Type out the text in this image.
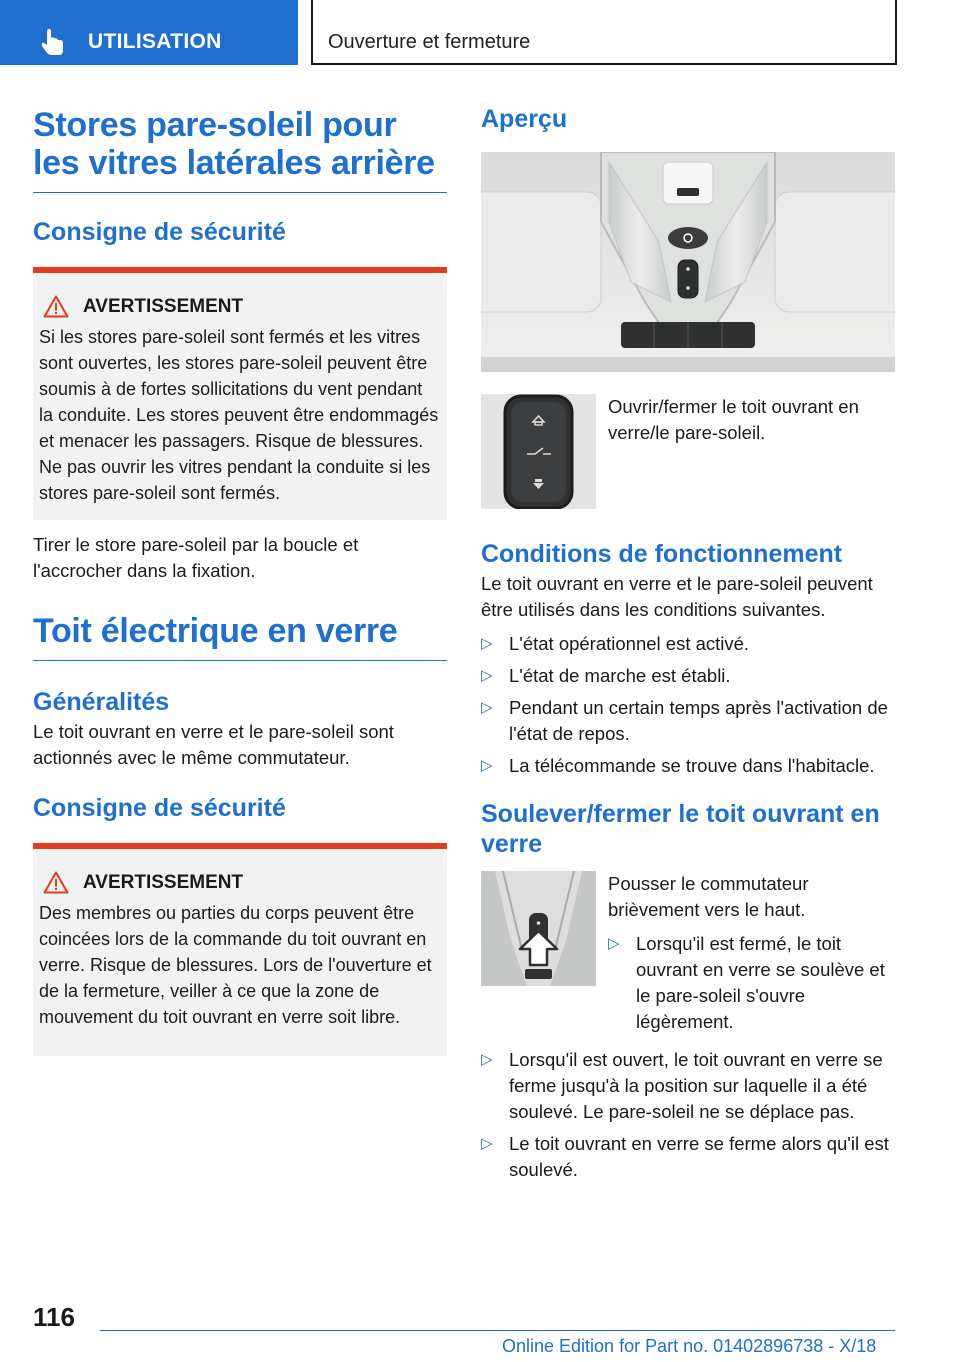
UTILISATION	Ouverture et fermeture
Stores pare-soleil pour les vitres latérales arrière
Consigne de sécurité
AVERTISSEMENT

Si les stores pare-soleil sont fermés et les vitres sont ouvertes, les stores pare-soleil peuvent être soumis à de fortes sollicitations du vent pendant la conduite. Les stores peuvent être endommagés et menacer les passagers. Risque de blessures. Ne pas ouvrir les vitres pendant la conduite si les stores pare-soleil sont fermés.

Tirer le store pare-soleil par la boucle et l'accrocher dans la fixation.

Toit électrique en verre
Généralités

Le toit ouvrant en verre et le pare-soleil sont actionnés avec le même commutateur.

Consigne de sécurité
AVERTISSEMENT

Des membres ou parties du corps peuvent être coincées lors de la commande du toit ouvrant en verre. Risque de blessures. Lors de l'ouverture et de la fermeture, veiller à ce que la zone de mouvement du toit ouvrant en verre soit libre.

Aperçu

Ouvrir/fermer le toit ouvrant en verre/le pare-soleil.

Conditions de fonctionnement

Le toit ouvrant en verre et le pare-soleil peuvent être utilisés dans les conditions suivantes.

▷ L'état opérationnel est activé.
▷ L'état de marche est établi.
▷ Pendant un certain temps après l'activation de l'état de repos.
▷ La télécommande se trouve dans l'habitacle.
Soulever/fermer le toit ouvrant en verre

Pousser le commutateur brièvement vers le haut.

▷ Lorsqu'il est fermé, le toit ouvrant en verre se soulève et le pare-soleil s'ouvre légèrement.
▷ Lorsqu'il est ouvert, le toit ouvrant en verre se ferme jusqu'à la position sur laquelle il a été soulevé. Le pare-soleil ne se déplace pas.
▷ Le toit ouvrant en verre se ferme alors qu'il est soulevé.
116
Online Edition for Part no. 01402896738 - X/18
